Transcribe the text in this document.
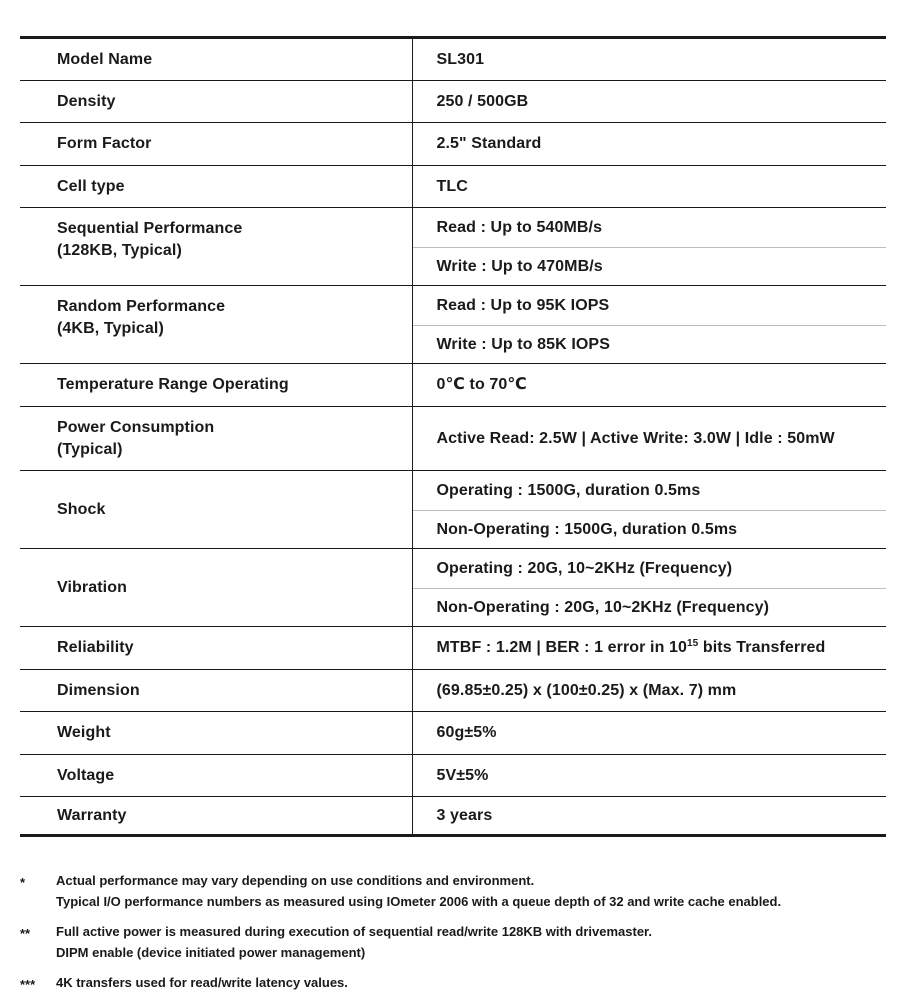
Model Name	SL301
Density	250 / 500GB
Form Factor	2.5" Standard
Cell type	TLC

Sequential Performance
(128KB, Typical)	Read : Up to 540MB/s
	Write : Up to 470MB/s

Random Performance
(4KB, Typical)	Read : Up to 95K IOPS
	Write : Up to 85K IOPS
Temperature Range Operating	0℃ to 70℃

Power Consumption
(Typical)	Active Read: 2.5W | Active Write: 3.0W | Idle : 50mW
Shock	Operating : 1500G, duration 0.5ms
	Non-Operating : 1500G, duration 0.5ms
Vibration	Operating : 20G, 10~2KHz (Frequency)
	Non-Operating : 20G, 10~2KHz (Frequency)
Reliability	MTBF : 1.2M | BER : 1 error in $10^{15}$ bits Transferred
Dimension	(69.85±0.25) x (100±0.25) x (Max. 7) mm
Weight	60g±5%
Voltage	5V±5%
Warranty	3 years
*	Actual performance may vary depending on use conditions and environment.
Typical I/O performance numbers as measured using IOmeter 2006 with a queue depth of 32 and write cache enabled.
**	Full active power is measured during execution of sequential read/write 128KB with drivemaster.
DIPM enable (device initiated power management)
***	4K transfers used for read/write latency values.
